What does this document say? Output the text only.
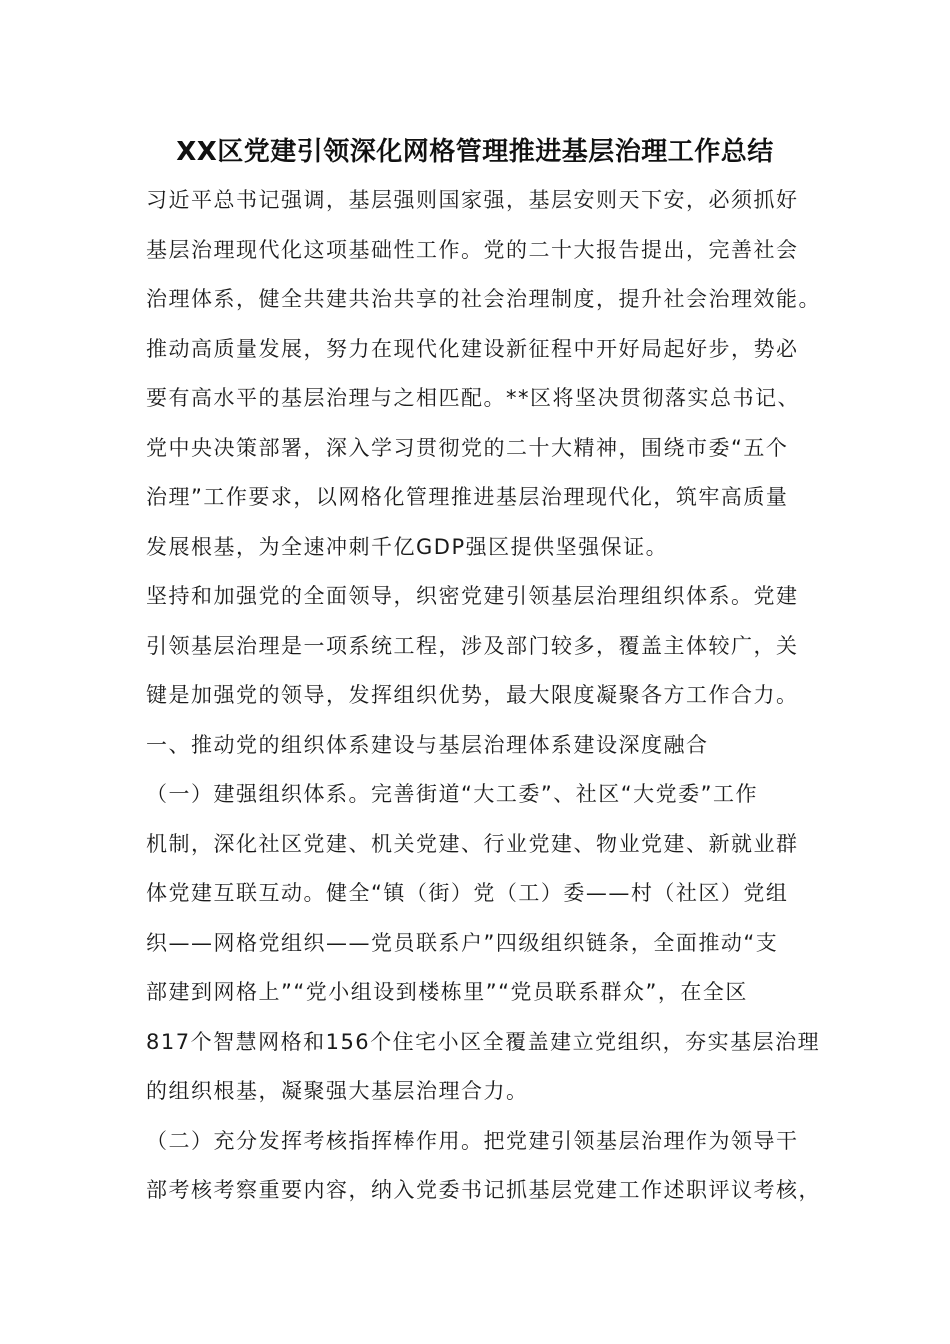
XX区党建引领深化网格管理推进基层治理工作总结
习近平总书记强调，基层强则国家强，基层安则天下安，必须抓好
基层治理现代化这项基础性工作。党的二十大报告提出，完善社会
治理体系，健全共建共治共享的社会治理制度，提升社会治理效能。
推动高质量发展，努力在现代化建设新征程中开好局起好步，势必
要有高水平的基层治理与之相匹配。**区将坚决贯彻落实总书记、
党中央决策部署，深入学习贯彻党的二十大精神，围绕市委“五个
治理”工作要求，以网格化管理推进基层治理现代化，筑牢高质量
发展根基，为全速冲刺千亿GDP强区提供坚强保证。
坚持和加强党的全面领导，织密党建引领基层治理组织体系。党建
引领基层治理是一项系统工程，涉及部门较多，覆盖主体较广，关
键是加强党的领导，发挥组织优势，最大限度凝聚各方工作合力。
一、推动党的组织体系建设与基层治理体系建设深度融合
（一）建强组织体系。完善街道“大工委”、社区“大党委”工作
机制，深化社区党建、机关党建、行业党建、物业党建、新就业群
体党建互联互动。健全“镇（街）党（工）委——村（社区）党组
织——网格党组织——党员联系户”四级组织链条，全面推动“支
部建到网格上”“党小组设到楼栋里”“党员联系群众”，在全区
817个智慧网格和156个住宅小区全覆盖建立党组织，夯实基层治理
的组织根基，凝聚强大基层治理合力。
（二）充分发挥考核指挥棒作用。把党建引领基层治理作为领导干
部考核考察重要内容，纳入党委书记抓基层党建工作述职评议考核，
